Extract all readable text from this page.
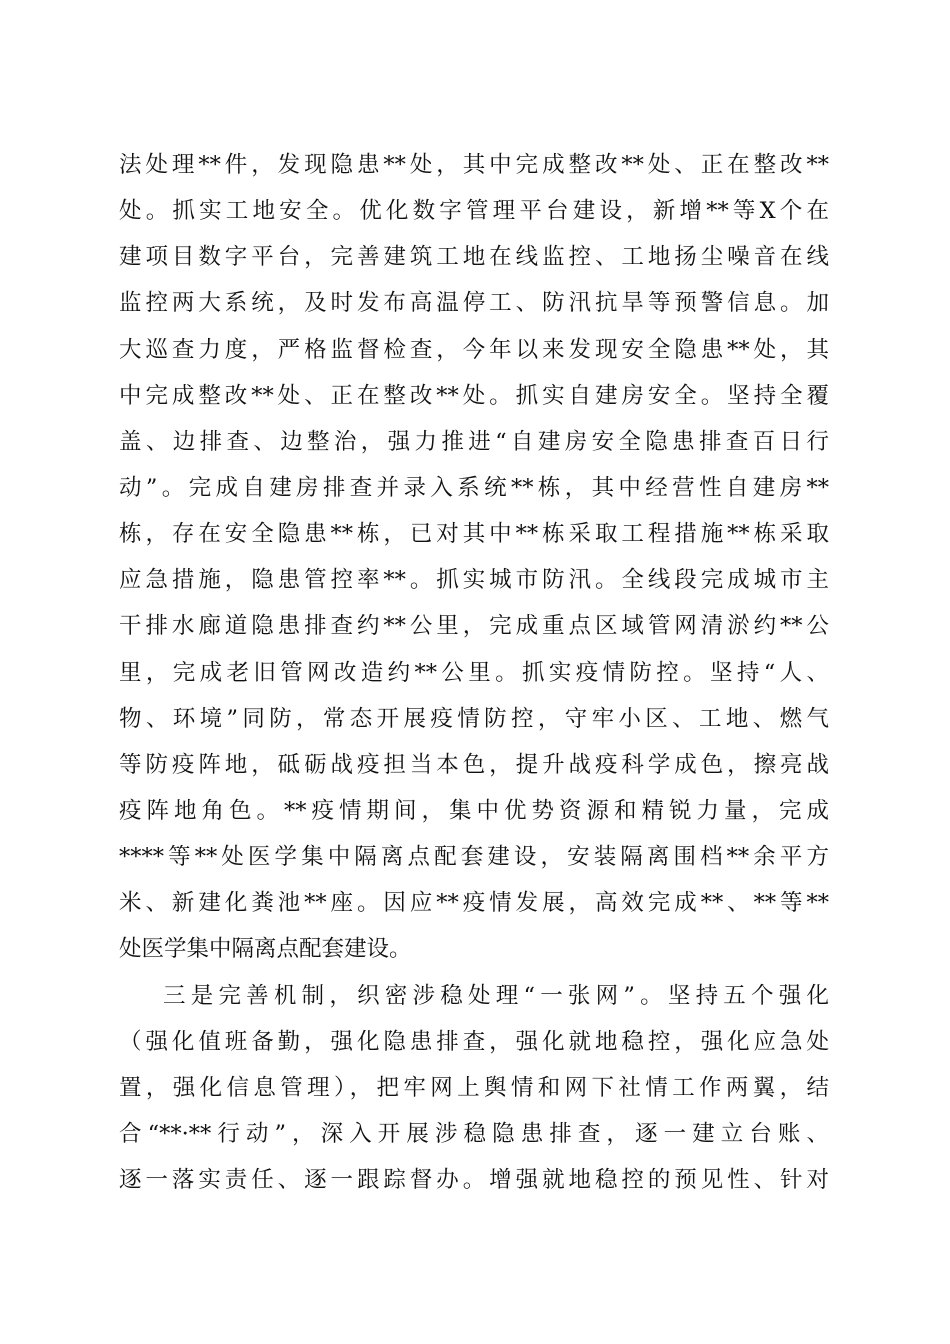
法处理**件，发现隐患**处，其中完成整改**处、正在整改**
处。抓实工地安全。优化数字管理平台建设，新增**等X个在
建项目数字平台，完善建筑工地在线监控、工地扬尘噪音在线
监控两大系统，及时发布高温停工、防汛抗旱等预警信息。加
大巡查力度，严格监督检查，今年以来发现安全隐患**处，其
中完成整改**处、正在整改**处。抓实自建房安全。坚持全覆
盖、边排查、边整治，强力推进“自建房安全隐患排查百日行
动”。完成自建房排查并录入系统**栋，其中经营性自建房**
栋，存在安全隐患**栋，已对其中**栋采取工程措施**栋采取
应急措施，隐患管控率**。抓实城市防汛。全线段完成城市主
干排水廊道隐患排查约**公里，完成重点区域管网清淤约**公
里，完成老旧管网改造约**公里。抓实疫情防控。坚持“人、
物、环境”同防，常态开展疫情防控，守牢小区、工地、燃气
等防疫阵地，砥砺战疫担当本色，提升战疫科学成色，擦亮战
疫阵地角色。**疫情期间，集中优势资源和精锐力量，完成
****等**处医学集中隔离点配套建设，安装隔离围档**余平方
米、新建化粪池**座。因应**疫情发展，高效完成**、**等**
处医学集中隔离点配套建设。
三是完善机制，织密涉稳处理“一张网”。坚持五个强化
（强化值班备勤，强化隐患排查，强化就地稳控，强化应急处
置，强化信息管理），把牢网上舆情和网下社情工作两翼，结
合“**·**行动”，深入开展涉稳隐患排查，逐一建立台账、
逐一落实责任、逐一跟踪督办。增强就地稳控的预见性、针对
